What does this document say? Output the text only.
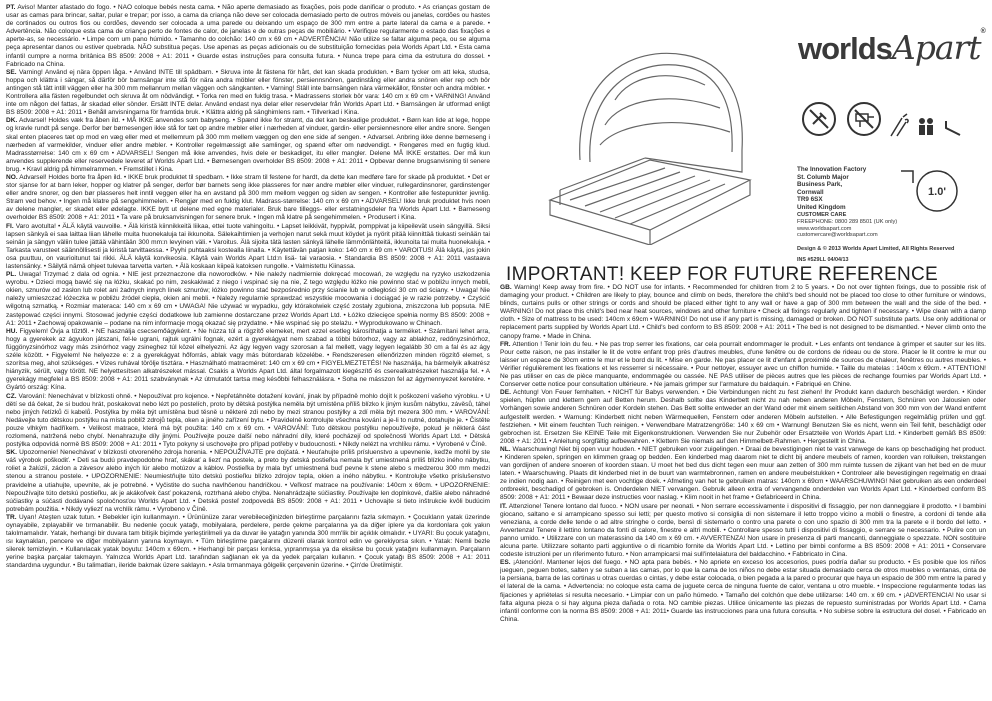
PT. Aviso! Manter afastado do fogo. • NÃO coloque bebés nesta cama. • Não aperte demasiado as fixações, pois pode danificar o produto. • As crianças gostam de usar as camas para brincar, saltar, pular e trepar; por isso, a cama da criança não deve ser colocada demasiado perto de outros móveis ou janelas, cordões ou hastes de cortinados ou outros fios ou cordões, devendo ser colocada a uma parede ou deixando um espaço de 300 mm entre a parte lateral da cama e a parede. • Advertência. Não coloque esta cama de criança perto de fontes de calor, de janelas e de outras peças de mobiliário. • Verifique regularmente o estado das fixações e aperte-as, se necessário. • Limpe com um pano húmido. • Tamanho do colchão: 140 cm x 69 cm • ADVERTÊNCIA! Não utilize se faltar alguma peça, ou se alguma peça apresentar danos ou estiver quebrada. NÃO substitua peças. Use apenas as peças adicionais ou de substituição fornecidas pela Worlds Apart Ltd. • Esta cama infantil cumpre a norma britânica BS 8509: 2008 + A1: 2011 • Guarde estas instruções para consulta futura. • Nunca trepe para cima da estrutura do dossel. • Fabricado na China.

SE. Varning! Använd ej nära öppen låga. • Använd INTE till spädbarn. • Skruva inte åt fästena för hårt, det kan skada produkten. • Barn tycker om att leka, studsa, hoppa och klättra i sängar, så därför bör barnsängar inte stå för nära andra möbler eller fönster, persiennsnören, gardinstång eller andra snören eller rep och bör antingen stå tätt intill väggen eller ha 300 mm mellanrum mellan väggen och sängkanten. • Varning! Ställ inte barnsängen nära värmekällor, fönster och andra möbler. • Kontrollera alla fästen regelbundet och skruva åt om nödvändigt. • Torka ren med en fuktig trasa. • Madrassens storlek bör vara: 140 cm x 69 cm • VARNING! Använd inte om någon del fattas, är skadad eller sönder. Ersätt INTE delar. Använd endast nya delar eller reservdelar från Worlds Apart Ltd. • Barnsängen är utformad enligt BS 8509: 2008 + A1: 2011 • Behåll anvisningarna för framtida bruk. • Klättra aldrig på sänghimlens ram. • Tillverkad i Kina.

DK. Advarsel! Holdes væk fra åben ild. • MÅ IKKE anvendes som babyseng. • Spænd ikke for stramt, da det kan beskadige produktet. • Børn kan lide at lege, hoppe og kravle rundt på senge. Derfor bør børnesengen ikke stå for tæt op andre møbler eller i nærheden af vinduer, gardin- eller persiennesnore eller andre snore. Sengen skal enten placeres tæt op mod en væg eller med et mellemrum på 300 mm mellem væggen og den ene side af sengen. • Advarsel. Anbring ikke denne børneseng i nærheden af varmekilder, vinduer eller andre møbler. • Kontroller regelmæssigt alle samlinger, og spænd efter om nødvendigt. • Rengøres med en fugtig klud. Madrasstørrelse: 140 cm x 69 cm • ADVARSEL! Sengen må ikke anvendes, hvis dele er beskadiget, itu eller mangler. Delene MÅ IKKE erstattes. Der må kun anvendes supplerende eller reservedele leveret af Worlds Apart Ltd. • Børnesengen overholder BS 8509: 2008 + A1: 2011 • Opbevar denne brugsanvisning til senere brug. • Kravl aldrig på himmelrammen. • Fremstillet i Kina.

NO. Advarsel! Holdes borte fra åpen ild. • IKKE bruk produktet til spedbarn. • Ikke stram til festene for hardt, da dette kan medføre fare for skade på produktet. • Det er stor sjanse for at barn leker, hopper og klatrer på senger, derfor bør barnets seng ikke plasseres for nær andre møbler eller vinduer, rullegardinsnorer, gardinstenger eller andre snorer, og den bør plasseres helt inntil veggen eller ha en avstand på 300 mm mellom veggen og siden av sengen. • Kontroller alle festepunkter jevnlig. Stram ved behov. • Ingen må klatre på sengehimmelen. • Rengjør med en fuktig klut. Madrass-størrelse: 140 cm x 69 cm • ADVARSEL! Ikke bruk produktet hvis noen av delene mangler, er skadet eller ødelagte. IKKE bytt ut delene med egne materialer. Bruk bare tilleggs- eller erstatningsdeler fra Worlds Apart Ltd. • Barneseng overholder BS 8509: 2008 + A1: 2011 • Ta vare på bruksanvisningen for senere bruk. • Ingen må klatre på sengehimmelen. • Produsert i Kina.

FI. Varo avotulta! • ÄLÄ käytä vauvoille. • Älä kiristä kiinnikkeitä liikaa, ettei tuote vahingoitu. • Lapset leikkivät, hyppivät, pomppivat ja kiipeilevät usein sängyillä. Siksi lapsen sänkyä ei saa laittaa liian lähelle muita huonekaluja tai ikkunoita. Sälekaihtimien ja verhojen narut sekä muut köydet ja nyörit pitää kiinnittää tiukasti seinään tai seinän ja sängyn väliin tulee jättää vähintään 300 mm:n levyinen väli. • Varoitus. Älä sijoita tätä lasten sänkyä lähelle lämmönlähteitä, ikkunoita tai muita huonekaluja. • Tarkasta varusteet säännöllisesti ja kiristä tarvittaessa. • Pyyhi puhtaaksi kostealla liinalla. • Käytettävän patjan koko: 140 cm x 69 cm • VAROITUS! Älä käytä, jos jokin osa puuttuu, on vaurioitunut tai rikki. ÄLÄ käytä korvikeosia. Käytä vain Worlds Apart Ltd:n lisä- tai varaosia. • Standardia BS 8509: 2008 + A1: 2011 vastaava lastensänky. • Säilytä nämä ohjeet tulevaa tarvetta varten. • Älä koskaan kiipeä katoksen rungolle. • Valmistettu Kiinassa.

PL. Uwaga! Trzymać z dala od ognia. • NIE jest przeznaczone dla noworodków. • Nie należy nadmiernie dokręcać mocowań, ze względu na ryzyko uszkodzenia wyrobu. • Dzieci mogą bawić się na łóżku, skakać po nim, zeskakiwać z niego i wspinać się na nie, Z tego względu łóżko nie powinno stać w pobliżu innych mebli, okien, sznurów od zasłon lub rolet ani żadnych innych linek sznurów; łóżko powinno stać bezpośrednio przy ścianie lub w odległości 30 cm od ściany. • Uwaga! Nie należy umieszczać łóżeczka w pobliżu źródeł ciepła, okien ani mebli. • Należy regularnie sprawdzać wszystkie mocowania i dociągać je w razie potrzeby. • Czyścić wilgotną szmatką. • Rozmiar materaca: 140 cm x 69 cm • UWAGA! Nie używać w wypadku, gdy którakolwiek część zostały zgubiona, zniszczona lub popsuta. NIE zastępować części innymi. Stosować jedynie części dodatkowe lub zamienne dostarczane przez Worlds Apart Ltd. • Łóżko dziecięce spełnia normy BS 8509: 2008 + A1: 2011 • Zachowaj opakowanie – podane na nim informacje mogą okazać się przydatne. • Nie wspinać się po stelażu. • Wyprodukowano w Chinach.

HU. Figyelem! Óvja a tűztől. • NE használja csecsemőágyként. • Ne húzza túl a rögzítő elemeket, mert ezzel esetleg károsíthatja a terméket. • Számítani lehet arra, hogy a gyerekek az ágyukon játszani, fel-le ugrani, rajtuk ugrálni fognak, ezért a gyerekágyat nem szabad a többi bútorhoz, vagy az ablakhoz, redőnyzsinórhoz, függönyzsinórhoz vagy más zsinórhoz vagy zsineghez túl közel elhelyezni. Az ágy legyen vagy szorosan a fal mellett, vagy legyen legalább 30 cm a fal és az ágy széle között. • Figyelem! Ne helyezze e: z a gyerekágyat hőforrás, ablak vagy más bútordarab közelébe. • Rendszeresen ellenőrizzen minden rögzítő elemet, s szorítsa meg, ahol szükséges. • Vizes ruhával törölje tisztára. • Használható matracméret: 140 cm x 69 cm • FIGYELMEZTETÉS! Ne használja, ha bármelyik alkatrész hiányzik, sérült, vagy törött. NE helyettesítsen alkatrészeket mással. Csakis a Worlds Apart Ltd. által forgalmazott kiegészítő és cserealkatrészeket használja fel. • A gyerekágy megfelel a BS 8509: 2008 + A1: 2011 szabványnak • Az útmutatót tartsa meg későbbi felhasználásra. • Soha ne másszon fel az ágymennyezet keretére. • Gyártó ország: Kína.

CZ. Varování: Nenechávat v blízkosti ohně. • Nepoužívat pro kojence. • Nepřetáhněte dotažení kování, jinak by případně mohlo dojít k poškození vašeho výrobku. • U dětí se dá čekat, že si budou hrát, poskakovat nebo lézt po postelích, proto by dětská postýlka neměla být umístěna příliš blízko k jiným kusům nábytku, závěsů, táhel nebo jiných řetízků či kabelů. Postýlka by měla být umístěna bud těsně u některé zdi nebo by mezi stranou postýlky a zdí měla být mezera 300 mm. • VAROVÁNÍ: Nedávejte tuto dětskou postýlku na místa poblíž zdrojů tepla, oken a jiného zařízení bytu. • Pravidelně kontrolujte všechna kování a je-li to nutné, dotahujte je. • Čistěte pouze vlhkým hadříkem. • Velikost matrace, která má být použita: 140 cm x 69 cm. • VAROVÁNÍ: Tuto dětskou postýlku nepoužívejte, pokud je některá část rozlomená, natržená nebo chybí. Nenahrazujte díly jinými. Používejte pouze další nebo náhradní díly, které pocházejí od společnosti Worlds Apart Ltd. • Dětská postýlka odpovídá normě BS 8509: 2008 + A1: 2011 • Tyto pokyny si uschovejte pro případ potřeby v budoucnosti. • Nikdy nelézt na vrchlíku rámu. • Vyrobené v Číně.

SK. Upozornenie! Nenechávať v blízkosti otvoreného zdroja horenia. • NEPOUŽÍVAJTE pre dojčatá. • Neuťahujte príliš prísluenstvo a upevnenie, keďže mohli by ste váš výrobok poškodiť. • Deti sa budú pravdepodobne hrať, skákať a liezť na postele, a preto by detská postieľka nemala byť umiestnená príliš blízko iného nábytku, roliet a žalúzií, záclon a závesov alebo iných lúr alebo motúzov a káblov. Postieľka by mala byť umiestnená buď pevne k stene alebo s medzerou 300 mm medzi stenou a stranou postele. • UPOZORNENIE: Neumiestňujte túto detskú postieľku blízko zdrojov tepla, okien a iného nábytku. • Kontrolujte všetko príslušenstvo pravidelne a utiahujte, upevnite, ak je potrebné. • Vyčistite do sucha navlhčenou handričkou. • Veľkosť matrace na používanie: 140cm x 69cm. • UPOZORNENIE: Nepoužívajte túto detskú postieľku, ak je akákoľvek časť pokazená, roztrhaná alebo chýba. Nenahrádzajte súčiastky. Používajte len doplnkové, ďalšie alebo náhradné súčiastky a súčasti dodávané spoločnosťou Worlds Apart Ltd. • Detská posteľ zodpovedá BS 8509: 2008 + A1: 2011 • Uchovajte si tieto inštrukcie kvôli budúcim potrebám použitia. • Nikdy vyliezť na vrchlík rámu. • Vyrobeno v Číně.

TR. Uyarı! Ateşten uzak tutun. • Bebekler için kullanmayın. • Ürününüze zarar verebileceğinizden birleştirme parçalarını fazla sıkmayın. • Çocukların yatak üzerinde oynayabile, zıplayabilir ve tırmanabilir. Bu nedenle çocuk yatağı, mobilyalara, perdelere, perde çekme parçalarına ya da diğer iplere ya da kordonlara çok yakın takılmamalıdır. Yatak, herhangi bir duvara tam bitişik biçimde yerleştirilmeli ya da duvar ile yatağın yanında 300 mm'lik bir açıklık olmalıdır. • UYARI: Bu çocuk yatağını, ısı kaynakları, pencere ve diğer mobilyaların yanına koymayın. • Tüm birleştirme parçalarını düzenli olarak kontrol edin ve gerekiyorsa sıkın. • Yatak: Nemli bezle silerek temizleyin. • Kullanılacak yatak boyutu: 140cm x 69cm. • Herhangi bir parçası kırıksa, yıpranmışsa ya da eksikse bu çocuk yatağını kullanmayın. Parçaların yerine başka parçalar takmayın. Yalnızca Worlds Apart Ltd. tarafından sağlanan ek ya da yedek parçaları kullanın. • Çocuk yatağı BS 8509: 2008 + A1: 2011 standardına uygundur. • Bu talimatları, ileride bakmak üzere saklayın. • Asla tırmanmaya gölgelik çerçevenin üzerine. • Çin'de Üretilmiştir.

worldsApart®
The Innovation Factory
St. Columb Major
Business Park,
Cornwall
TR9 6SX
United Kingdom
1.0'
CUSTOMER CARE
FREEPHONE: 0800 289 8501 (UK only)
www.worldsapart.com
customercare@worldsapart.com
Design & © 2013 Worlds Apart Limited, All Rights Reserved
INS #529LL 04/04/13
IMPORTANT! KEEP FOR FUTURE REFERENCE

GB. Warning! Keep away from fire. • DO NOT use for infants. • Recommended for children from 2 to 5 years. • Do not over tighten fixings, due to possible risk of damaging your product. • Children are likely to play, bounce and climb on beds, therefore the child's bed should not be placed too close to other furniture or windows, blinds, curtains pulls or other strings or cords and should be placed either tight to any wall or have a gap of 300 mm between the wall and the side of the bed. • WARNING! Do not place this child's bed near heat sources, windows and other furniture • Check all fixings regularly and tighten if necessary. • Wipe clean with a damp cloth. • Size of mattress to be used: 140cm x 69cm • WARNING! Do not use if any part is missing, damaged or broken. DO NOT substitute parts. Use only additional or replacement parts supplied by Worlds Apart Ltd. • Child's bed conform to BS 8509: 2008 + A1: 2011 • The bed is not designed to be dismantled. • Never climb onto the canopy frame. • Made in China.

FR. Attention ! Tenir loin du feu. • Ne pas trop serrer les fixations, car cela pourrait endommager le produit. • Les enfants ont tendance à grimper et sauter sur les lits. Pour cette raison, ne pas installer le lit de votre enfant trop près d'autres meubles, d'une fenêtre ou de cordons de rideau ou de store. Placer le lit contre le mur ou laisser un espace de 30cm entre le mur et le bord du lit. • Mise en garde. Ne pas placer ce lit d'enfant à proximité de sources de chaleur, fenêtres ou autres meubles. • Vérifier régulièrement les fixations et les resserrer si nécessaire. • Pour nettoyer, essuyer avec un chiffon humide. • Taille du matelas : 140cm x 69cm. • ATTENTION! Ne pas utiliser en cas de pièce manquante, endommagée ou cassée. NE PAS utiliser de pièces autres que les pièces de rechange fournies par Worlds Apart Ltd. • Conserver cette notice pour consultation ultérieure. • Ne jamais grimper sur l'armature du baldaquin. • Fabriqué en Chine.

DE. Achtung! Von Feuer fernhalten. • NICHT für Babys verwenden. • Die Verbindungen nicht zu fest ziehen! Ihr Produkt kann dadurch beschädigt werden. • Kinder spielen, hüpfen und klettern gern auf Betten herum. Deshalb sollte das Kinderbett nicht zu nah neben anderen Möbeln, Fenstern, Schnüren von Jalousien oder Vorhängen sowie anderen Schnüren oder Kordeln stehen. Das Bett sollte entweder an der Wand oder mit einem seitlichen Abstand von 300 mm von der Wand entfernt aufgestellt werden. • Warnung: Kinderbett nicht neben Wärmequellen, Fenstern oder anderen Möbeln aufstellen. • Alle Befestigungen regelmäßig prüfen und ggf. festziehen. • Mit einem feuchten Tuch reinigen. • Verwendbare Matratzengröße: 140 x 69 cm • Warnung! Benutzen Sie es nicht, wenn ein Teil fehlt, beschädigt oder gebrochen ist. Ersetzen Sie KEINE Teile mit Eigenkonstruktionen. Verwenden Sie nur Zubehör oder Ersatzteile von Worlds Apart Ltd. • Kinderbett gemäß BS 8509: 2008 + A1: 2011 • Anleitung sorgfältig aufbewahren. • Klettern Sie niemals auf den Himmelbett-Rahmen. • Hergestellt in China.

NL. Waarschuwing! Niet bij open vuur houden. • NIET gebruiken voor zuigelingen. • Draai de bevestigingen niet te vast vanwege de kans op beschadiging het product. • Kinderen spelen, springen en klimmen graag op bedden. Een kinderbed mag daarom niet te dicht bij andere meubels of ramen, koorden van rolluiken, trekstangen van gordijnen of andere snoeren of koorden staan. U moet het bed dus dicht tegen een muur aan zetten of 300 mm ruimte tussen de zijkant van het bed en de muur laten. • Waarschuwing. Plaats dit kinderbed niet in de buurt van warmtebronnen, ramen en andere meubelstukken • Controleer alle bevestigingen regelmatig en draai ze indien nodig aan. • Reinigen met een vochtige doek. • Afmeting van het te gebruiken matras: 140cm x 69cm • WAARSCHUWING! Niet gebruiken als een onderdeel ontbreekt, beschadigd of gebroken is. Onderdelen NIET vervangen. Gebruik alleen extra of vervangende onderdelen van Worlds Apart Ltd. • Kinderbed conform BS 8509: 2008 + A1: 2011 • Bewaar deze instructies voor naslag. • Klim nooit in het frame • Gefabriceerd in China.

IT. Attenzione! Tenere lontano dal fuoco. • NON usare per neonati. • Non serrare eccessivamente i dispositivi di fissaggio, per non danneggiare il prodotto. • I bambini giocano, saltano e si arrampicano spesso sui letti; per questo motivo si consiglia di non sistemare il letto troppo vicino a mobili o finestre, a cordoni di tende alla veneziana, a corde delle tende o ad altre stringhe o corde, bensì di sistemarlo o contro una parete o con uno spazio di 300 mm tra la parete e il bordo del letto. • Avvertenza! Tenere il lettino lontano da fonti di calore, finestre e altri mobili. • Controllare spesso tutti i dispositivi di fissaggio, e serrare se necessario. • Pulire con un panno umido. • Utilizzare con un materassino da 140 cm x 69 cm. • AVVERTENZA! Non usare in presenza di parti mancanti, danneggiate o spezzate. NON sostituire alcuna parte. Utilizzare soltanto parti aggiuntive o di ricambio fornite da Worlds Apart Ltd. • Lettino per bimbi conforme a BS 8509: 2008 + A1: 2011 • Conservare codeste istruzioni per un riferimento futuro. • Non arrampicarsi mai sull'intelaiatura del baldacchino. • Fabbricato in Cina.

ES. ¡Atención!. Mantener lejos del fuego. • NO apta para bebés. • No apriete en exceso los accesorios, pues podría dañar su producto. • Es posible que los niños jueguen, peguen botes, salten y se suban a las camas, por lo que la cama de los niños no debe estar situada demasiado cerca de otros muebles o ventanas, cinta de la persiana, barra de las cortinas u otras cuerdas o cintas, y debe estar colocada, o bien pegada a la pared o procurar que haya un espacio de 300 mm entre la pared y el lateral de la cama. • Advertencia: no coloque esta cama de juguete cerca de ninguna fuente de calor, ventana u otro mueble. • Inspeccione regularmente todas las fijaciones y apriételas si resulta necesario. • Limpiar con un paño húmedo. • Tamaño del colchón que debe utilizarse: 140 cm. x 69 cm. • ¡ADVERTENCIA! No usar si falta alguna pieza o si hay alguna pieza dañada o rota. NO cambie piezas. Utilice únicamente las piezas de repuesto suministradas por Worlds Apart Ltd. • Cama infantil conforme con la norma BS 8509: 2008 + A1: 2011• Guarde las instrucciones para una futura consulta. • No subirse sobre la estructura del dosel. • Fabricado en China.
